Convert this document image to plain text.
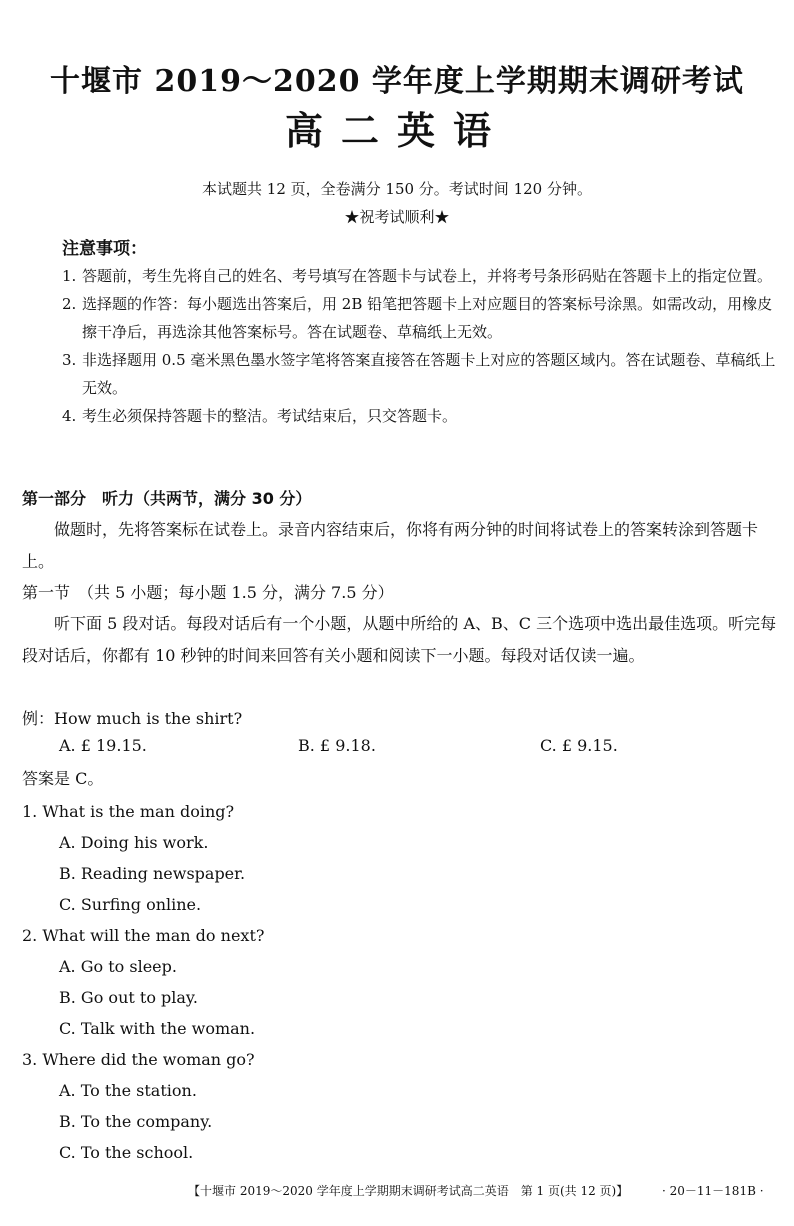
十堰市 2019～2020 学年度上学期期末调研考试
高二英语
本试题共 12 页，全卷满分 150 分。考试时间 120 分钟。
★祝考试顺利★
注意事项：

1. 答题前，考生先将自己的姓名、考号填写在答题卡与试卷上，并将考号条形码贴在答题卡上的指定位置。

2. 选择题的作答：每小题选出答案后，用 2B 铅笔把答题卡上对应题目的答案标号涂黑。如需改动，用橡皮擦干净后，再选涂其他答案标号。答在试题卷、草稿纸上无效。

3. 非选择题用 0.5 毫米黑色墨水签字笔将答案直接答在答题卡上对应的答题区域内。答在试题卷、草稿纸上无效。

4. 考生必须保持答题卡的整洁。考试结束后，只交答题卡。

第一部分　听力（共两节，满分 30 分）
做题时，先将答案标在试卷上。录音内容结束后，你将有两分钟的时间将试卷上的答案转涂到答题卡上。
第一节　（共 5 小题；每小题 1.5 分，满分 7.5 分）
听下面 5 段对话。每段对话后有一个小题，从题中所给的 A、B、C 三个选项中选出最佳选项。听完每段对话后，你都有 10 秒钟的时间来回答有关小题和阅读下一小题。每段对话仅读一遍。
例：How much is the shirt?
A. £ 19.15.	B. £ 9.18.	C. £ 9.15.
答案是 C。
1. What is the man doing?
A. Doing his work.
B. Reading newspaper.
C. Surfing online.
2. What will the man do next?
A. Go to sleep.
B. Go out to play.
C. Talk with the woman.
3. Where did the woman go?
A. To the station.
B. To the company.
C. To the school.
【十堰市 2019～2020 学年度上学期期末调研考试高二英语　第 1 页(共 12 页)】	· 20－11－181B ·
